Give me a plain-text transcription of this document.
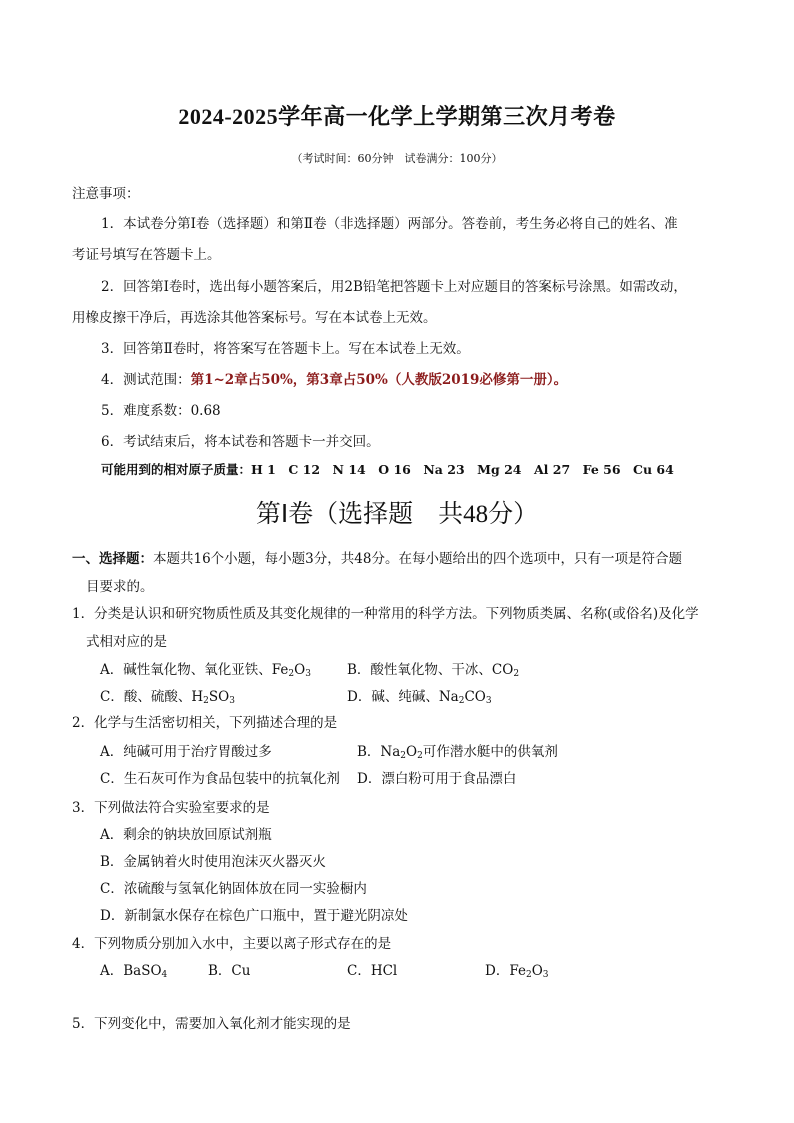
2024-2025学年高一化学上学期第三次月考卷
（考试时间：60分钟　试卷满分：100分）
注意事项：
1．本试卷分第Ⅰ卷（选择题）和第Ⅱ卷（非选择题）两部分。答卷前，考生务必将自己的姓名、准
考证号填写在答题卡上。
2．回答第Ⅰ卷时，选出每小题答案后，用2B铅笔把答题卡上对应题目的答案标号涂黑。如需改动，
用橡皮擦干净后，再选涂其他答案标号。写在本试卷上无效。
3．回答第Ⅱ卷时，将答案写在答题卡上。写在本试卷上无效。
4．测试范围：第1~2章占50%，第3章占50%（人教版2019必修第一册）。
5．难度系数：0.68
6．考试结束后，将本试卷和答题卡一并交回。
可能用到的相对原子质量：H 1　C 12　N 14　O 16　Na 23　Mg 24　Al 27　Fe 56　Cu 64
第Ⅰ卷（选择题　共48分）
一、选择题：本题共16个小题，每小题3分，共48分。在每小题给出的四个选项中，只有一项是符合题
目要求的。
1．分类是认识和研究物质性质及其变化规律的一种常用的科学方法。下列物质类属、名称(或俗名)及化学
式相对应的是
A．碱性氧化物、氧化亚铁、$Fe_2O_3$	B．酸性氧化物、干冰、$CO_2$
C．酸、硫酸、$H_2SO_3$	D．碱、纯碱、$Na_2CO_3$
2．化学与生活密切相关，下列描述合理的是
A．纯碱可用于治疗胃酸过多	B．$Na_2O_2$可作潜水艇中的供氧剂
C．生石灰可作为食品包装中的抗氧化剂 D．漂白粉可用于食品漂白
3．下列做法符合实验室要求的是
A．剩余的钠块放回原试剂瓶
B．金属钠着火时使用泡沫灭火器灭火
C．浓硫酸与氢氧化钠固体放在同一实验橱内
D．新制氯水保存在棕色广口瓶中，置于避光阴凉处
4．下列物质分别加入水中，主要以离子形式存在的是
A．BaSO$_4$	B．Cu	C．HCl	D．$Fe_2O_3$
5．下列变化中，需要加入氧化剂才能实现的是
